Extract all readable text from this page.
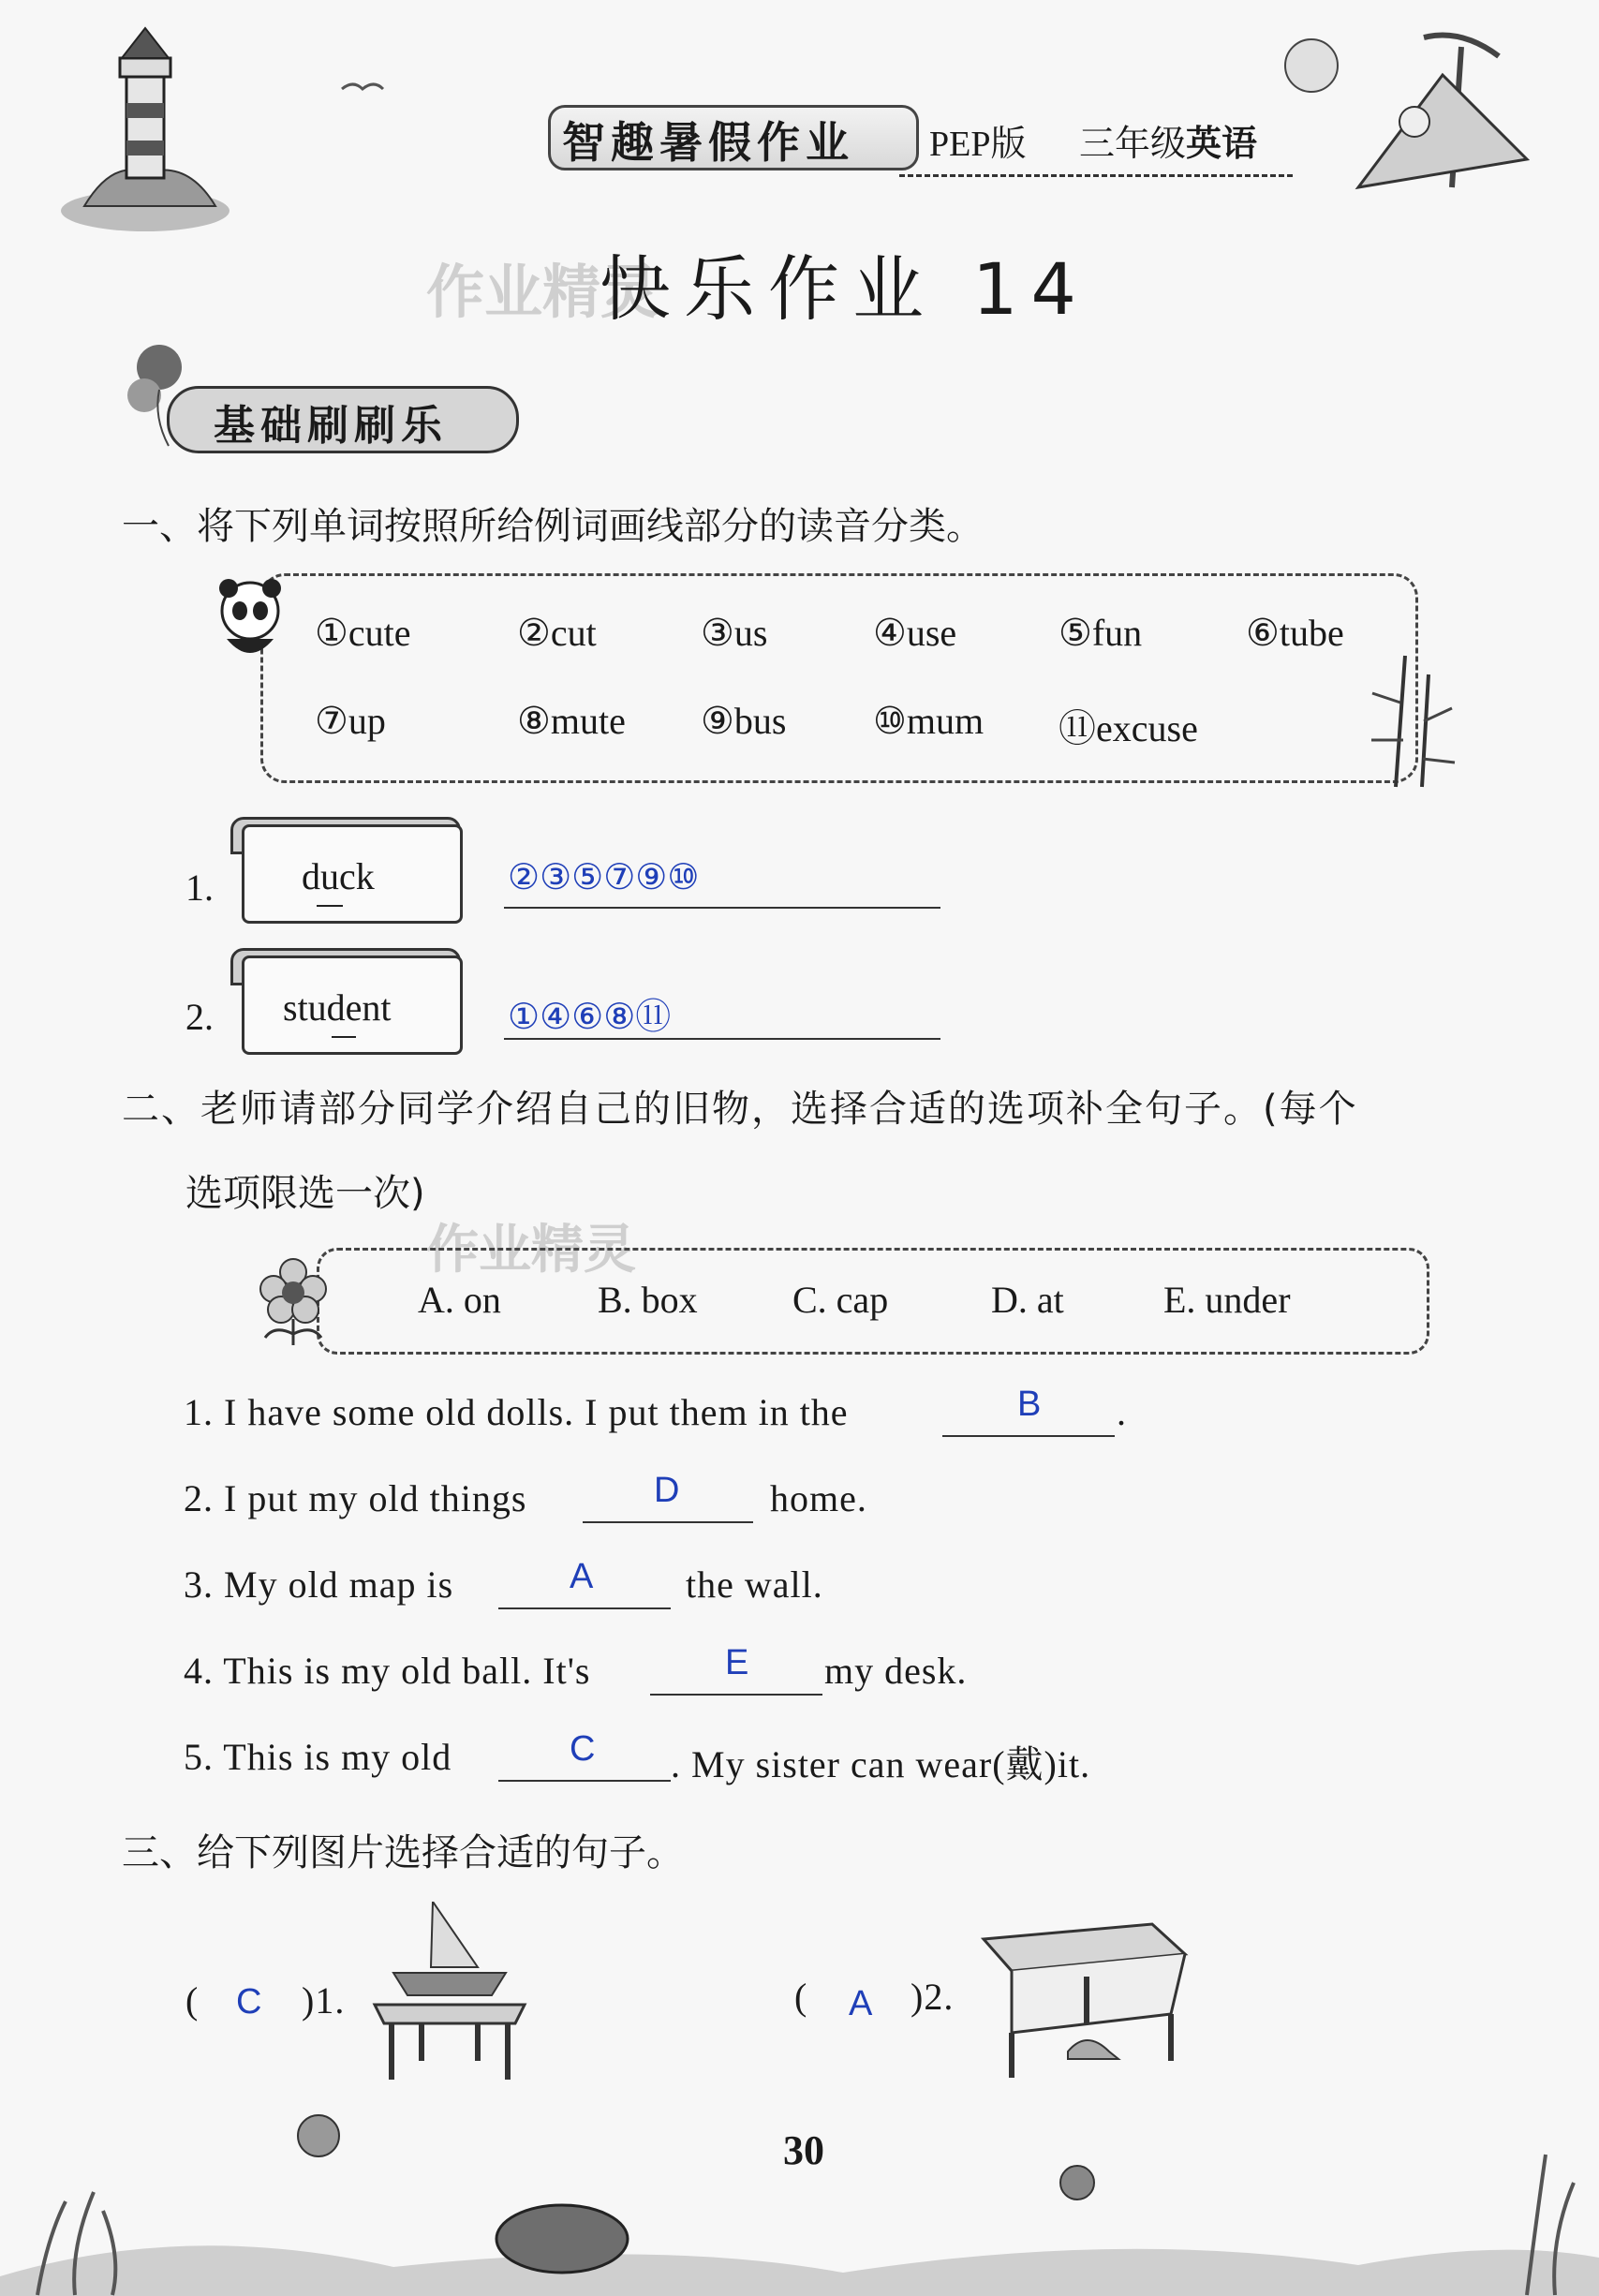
智趣暑假作业 PEP版 三年级英语
作业精灵
快乐作业 14
基础刷刷乐
一、将下列单词按照所给例词画线部分的读音分类。
①cute	②cut	③us	④use	⑤fun	⑥tube
⑦up	⑧mute ⑨bus ⑩mum ⑪excuse
1. duck	②③⑤⑦⑨⑩
2. student	①④⑥⑧⑪
二、老师请部分同学介绍自己的旧物，选择合适的选项补全句子。(每个
选项限选一次)
作业精灵
A. on	B. box	C. cap	D. at	E. under
1. I have some old dolls. I put them in the	B .
2. I put my old things	D home.
3. My old map is	A the wall.
4. This is my old ball. It's	E my desk.
5. This is my old	C . My sister can wear(戴)it.
三、给下列图片选择合适的句子。
( C )1.	( A )2.
30
